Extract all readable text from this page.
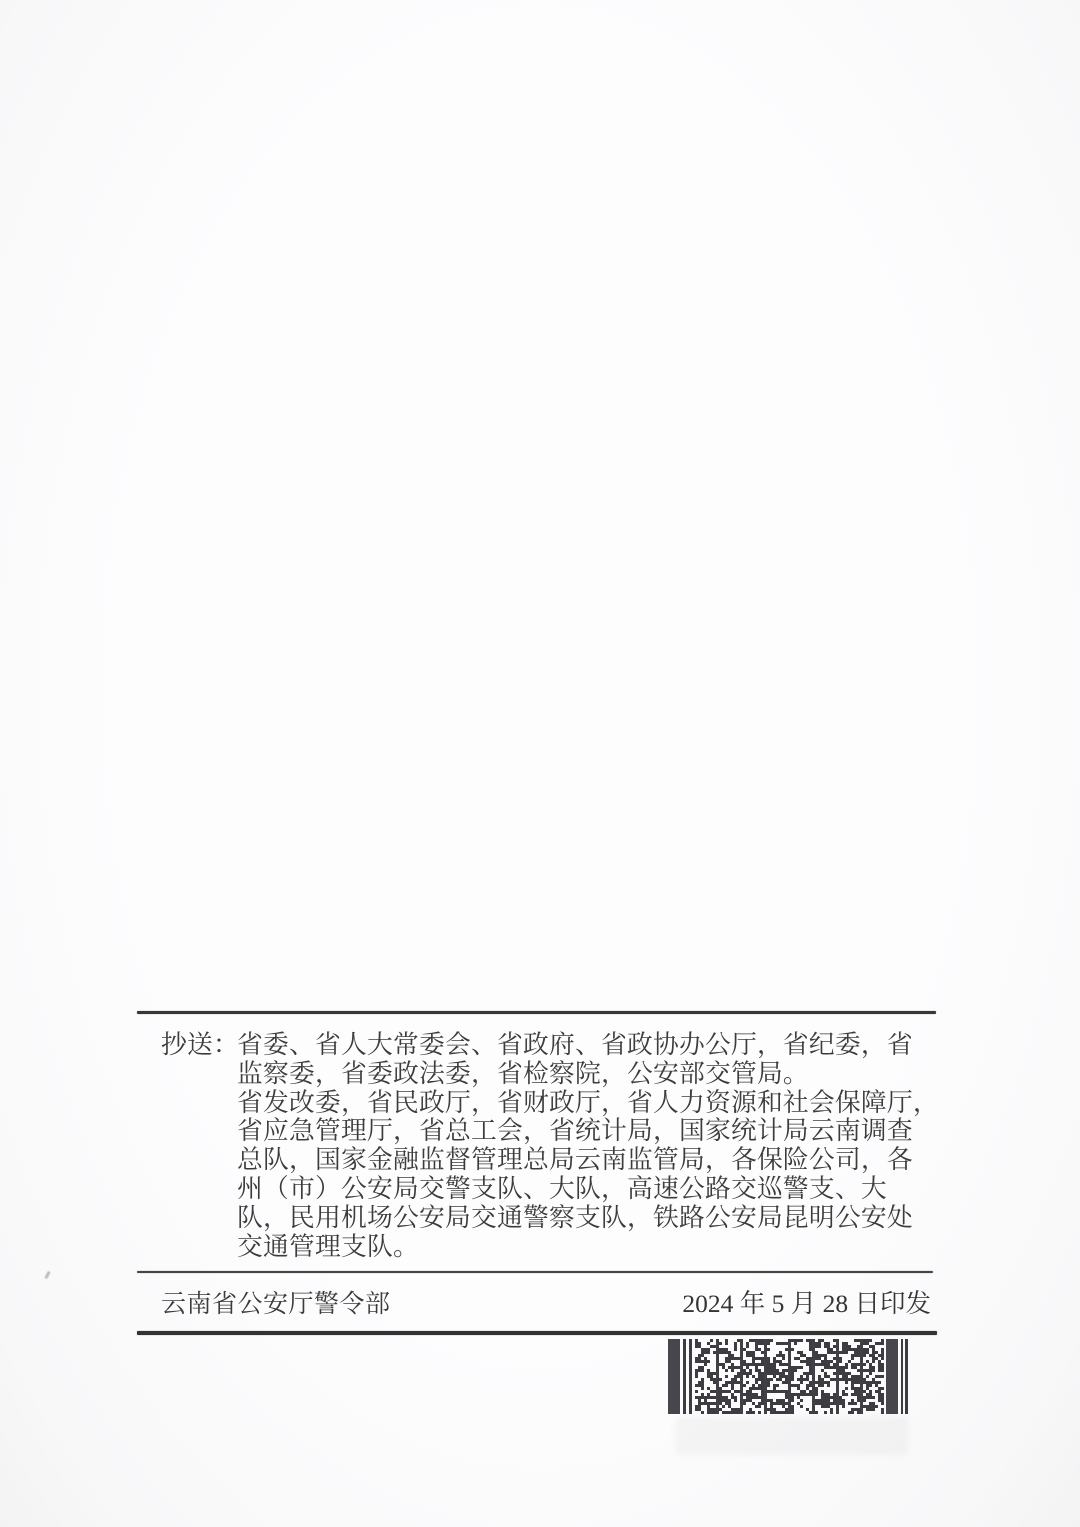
抄送：
省委、省人大常委会、省政府、省政协办公厅，省纪委，省
监察委，省委政法委，省检察院，公安部交管局。
省发改委，省民政厅，省财政厅，省人力资源和社会保障厅，
省应急管理厅，省总工会，省统计局，国家统计局云南调查
总队，国家金融监督管理总局云南监管局，各保险公司，各
州（市）公安局交警支队、大队，高速公路交巡警支、大
队，民用机场公安局交通警察支队，铁路公安局昆明公安处
交通管理支队。
云南省公安厅警令部	2024 年 5 月 28 日印发
